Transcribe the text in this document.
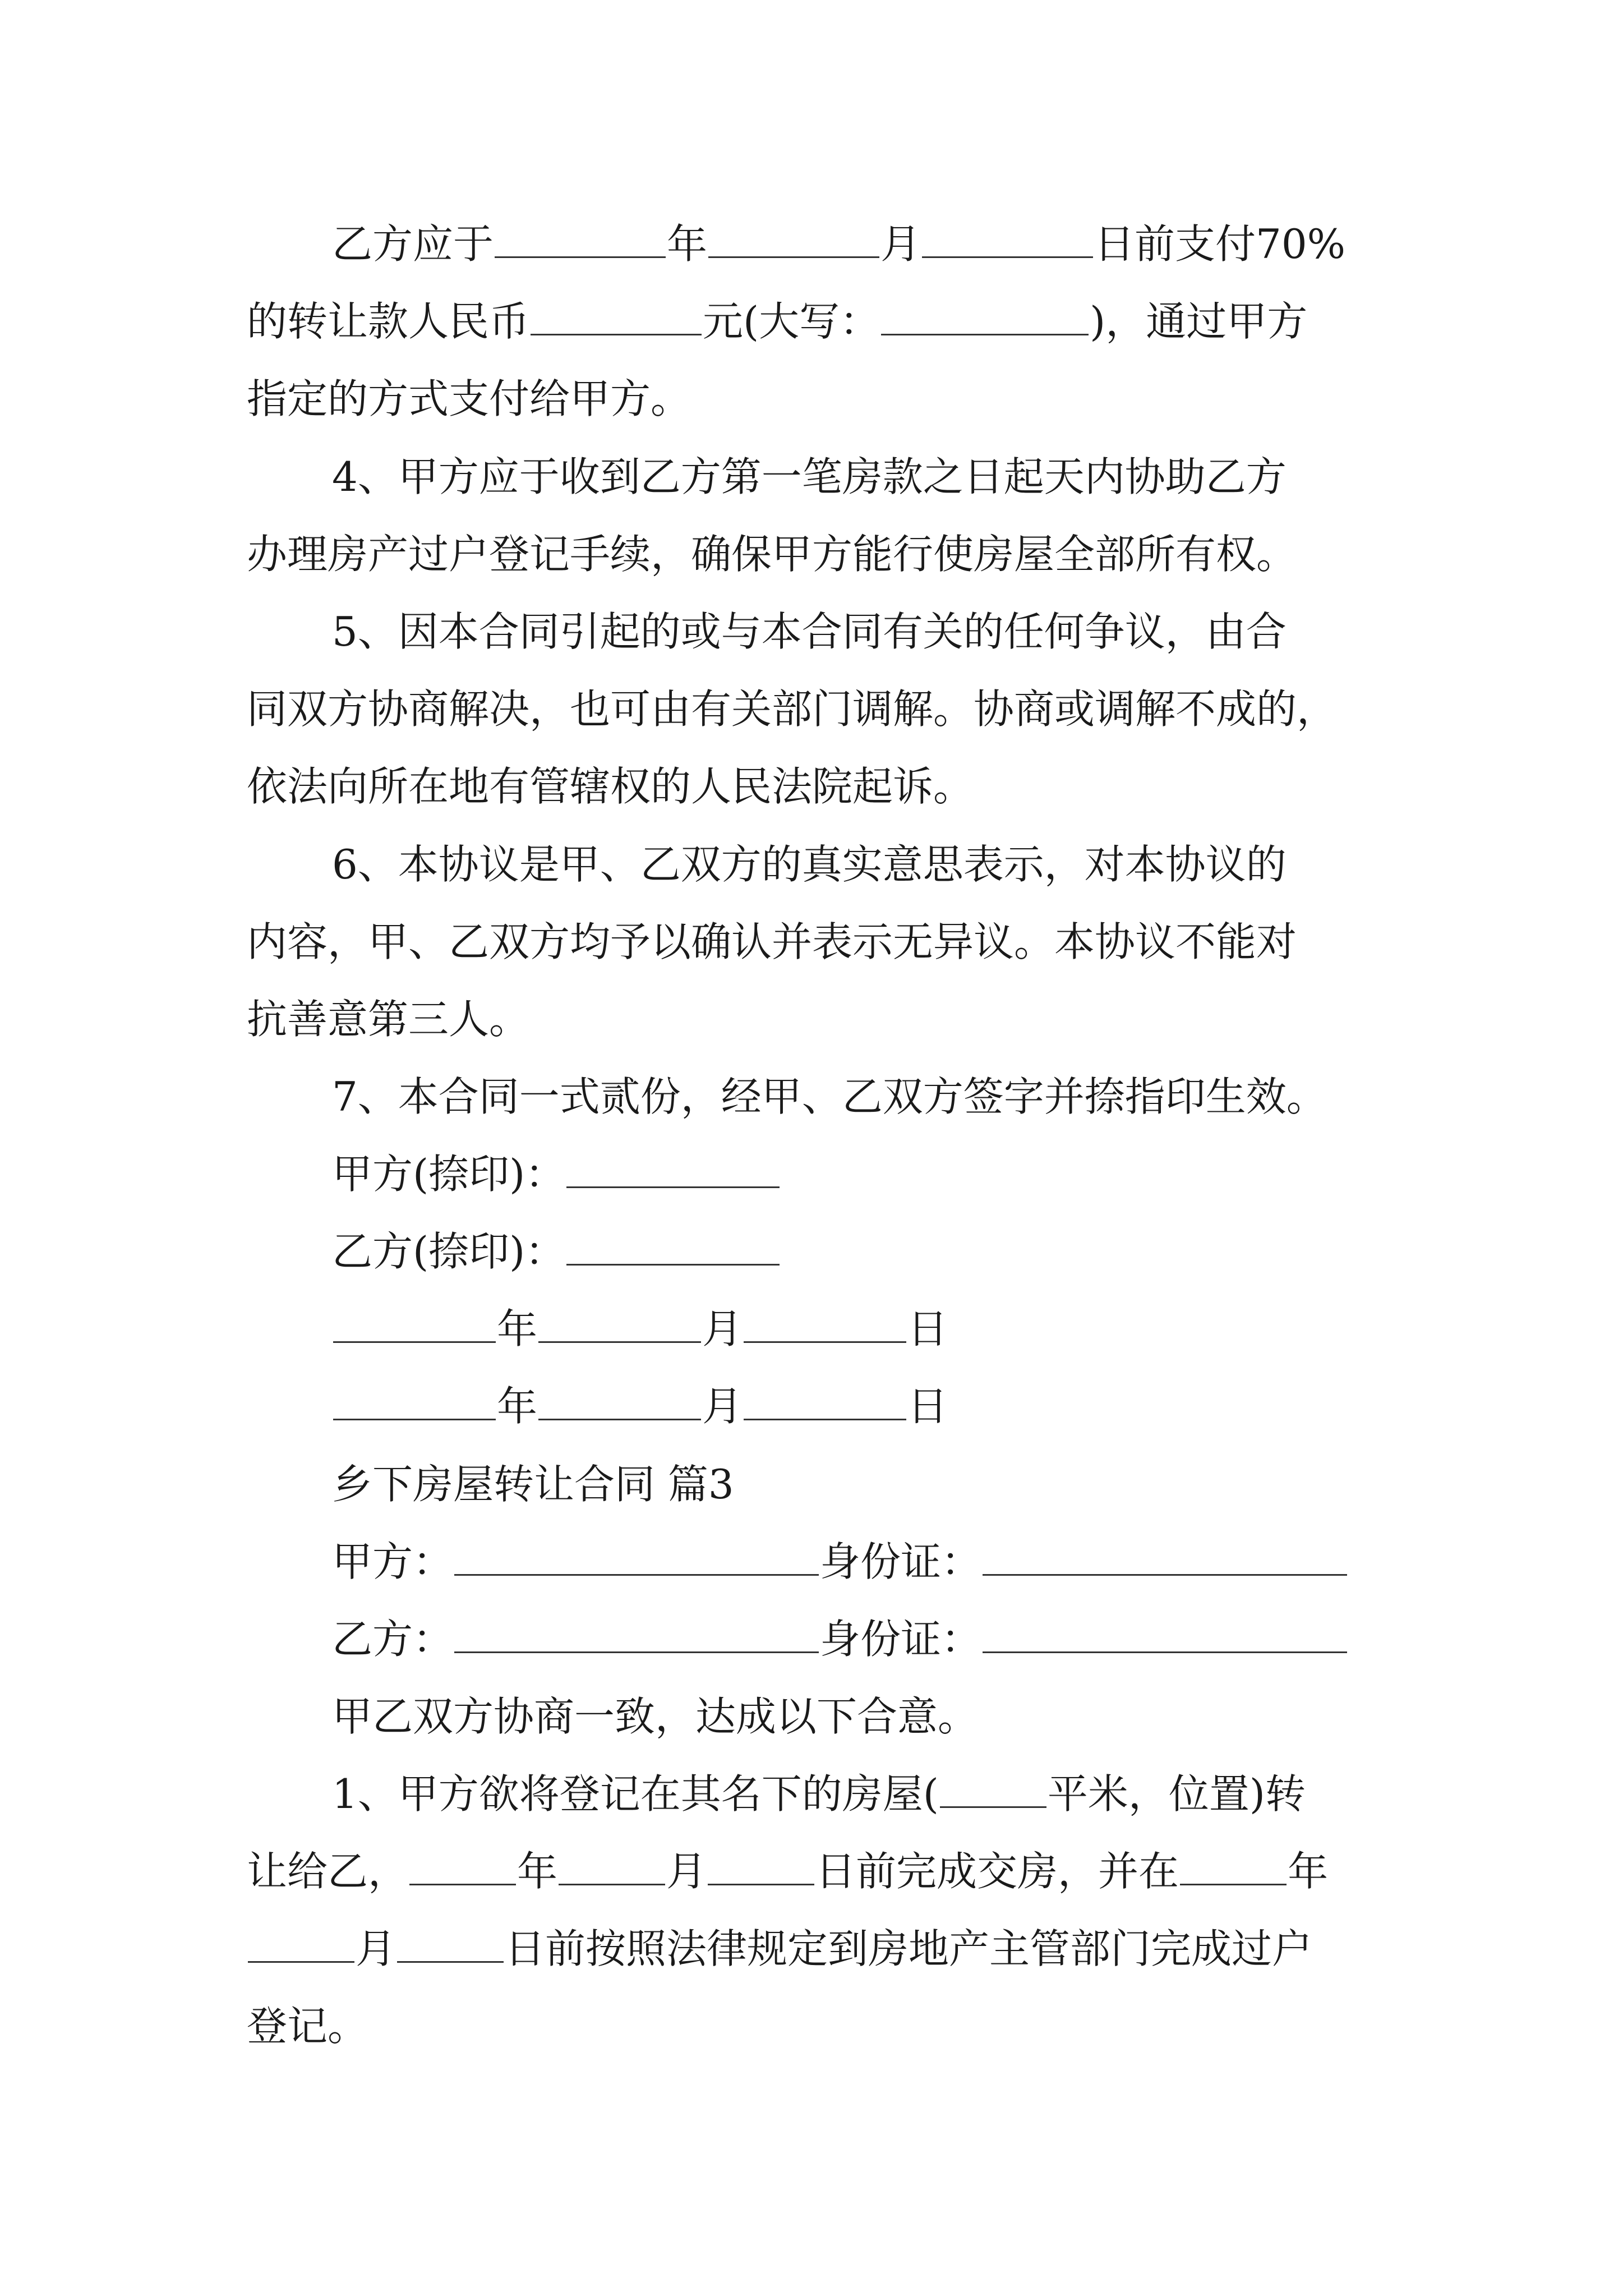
乙方应于	年	月	日前支付70%
的转让款人民币	元(大写：	)，通过甲方
指定的方式支付给甲方。
4、甲方应于收到乙方第一笔房款之日起天内协助乙方
办理房产过户登记手续，确保甲方能行使房屋全部所有权。
5、因本合同引起的或与本合同有关的任何争议，由合
同双方协商解决，也可由有关部门调解。协商或调解不成的，
依法向所在地有管辖权的人民法院起诉。
6、本协议是甲、乙双方的真实意思表示，对本协议的
内容，甲、乙双方均予以确认并表示无异议。本协议不能对
抗善意第三人。
7、本合同一式贰份，经甲、乙双方签字并捺指印生效。
甲方(捺印)：
乙方(捺印)：
年	月	日
年	月	日
乡下房屋转让合同 篇3
甲方：	身份证：
乙方：	身份证：
甲乙双方协商一致，达成以下合意。
1、甲方欲将登记在其名下的房屋(	平米，位置)转
让给乙，	年	月	日前完成交房，并在	年
月	日前按照法律规定到房地产主管部门完成过户
登记。
